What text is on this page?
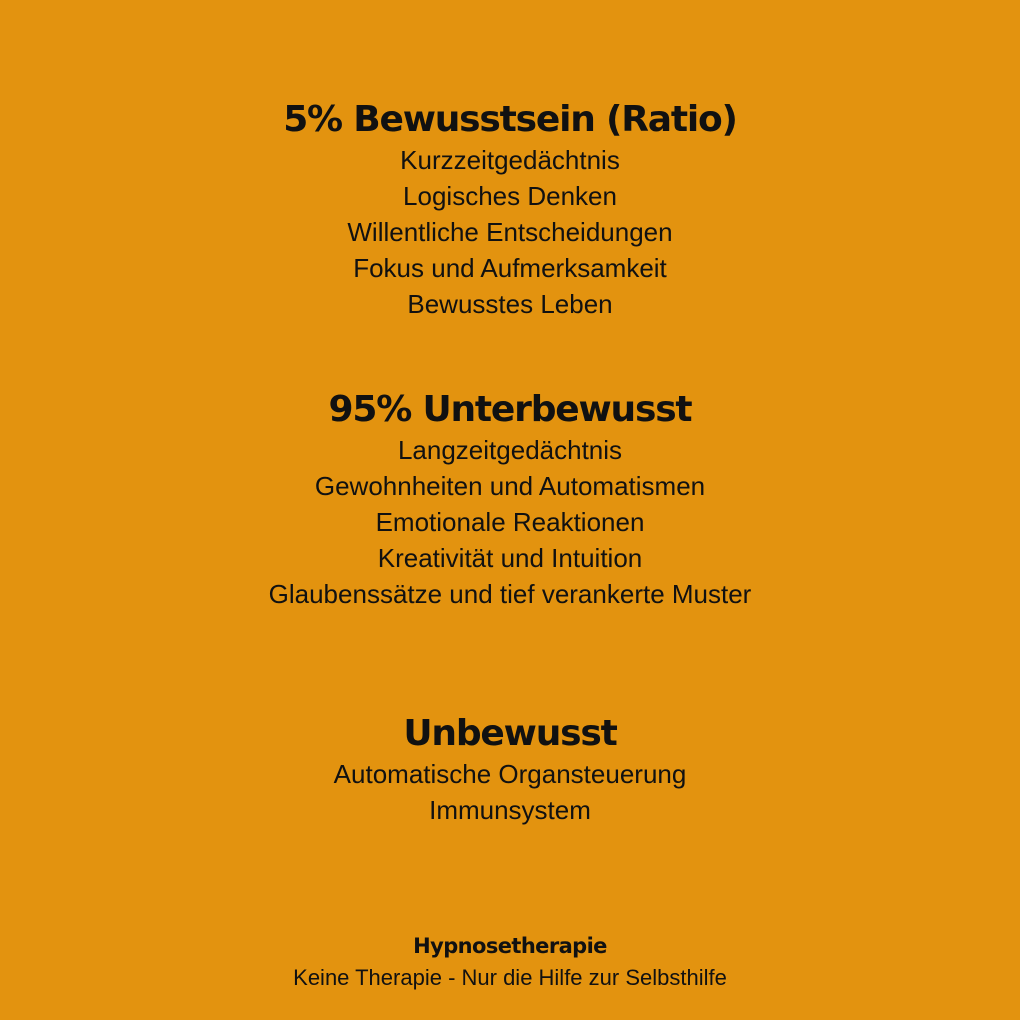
5% Bewusstsein (Ratio)

Kurzzeitgedächtnis

Logisches Denken

Willentliche Entscheidungen

Fokus und Aufmerksamkeit

Bewusstes Leben

95% Unterbewusst

Langzeitgedächtnis

Gewohnheiten und Automatismen

Emotionale Reaktionen

Kreativität und Intuition

Glaubenssätze und tief verankerte Muster

Unbewusst

Automatische Organsteuerung

Immunsystem

Hypnosetherapie

Keine Therapie - Nur die Hilfe zur Selbsthilfe
